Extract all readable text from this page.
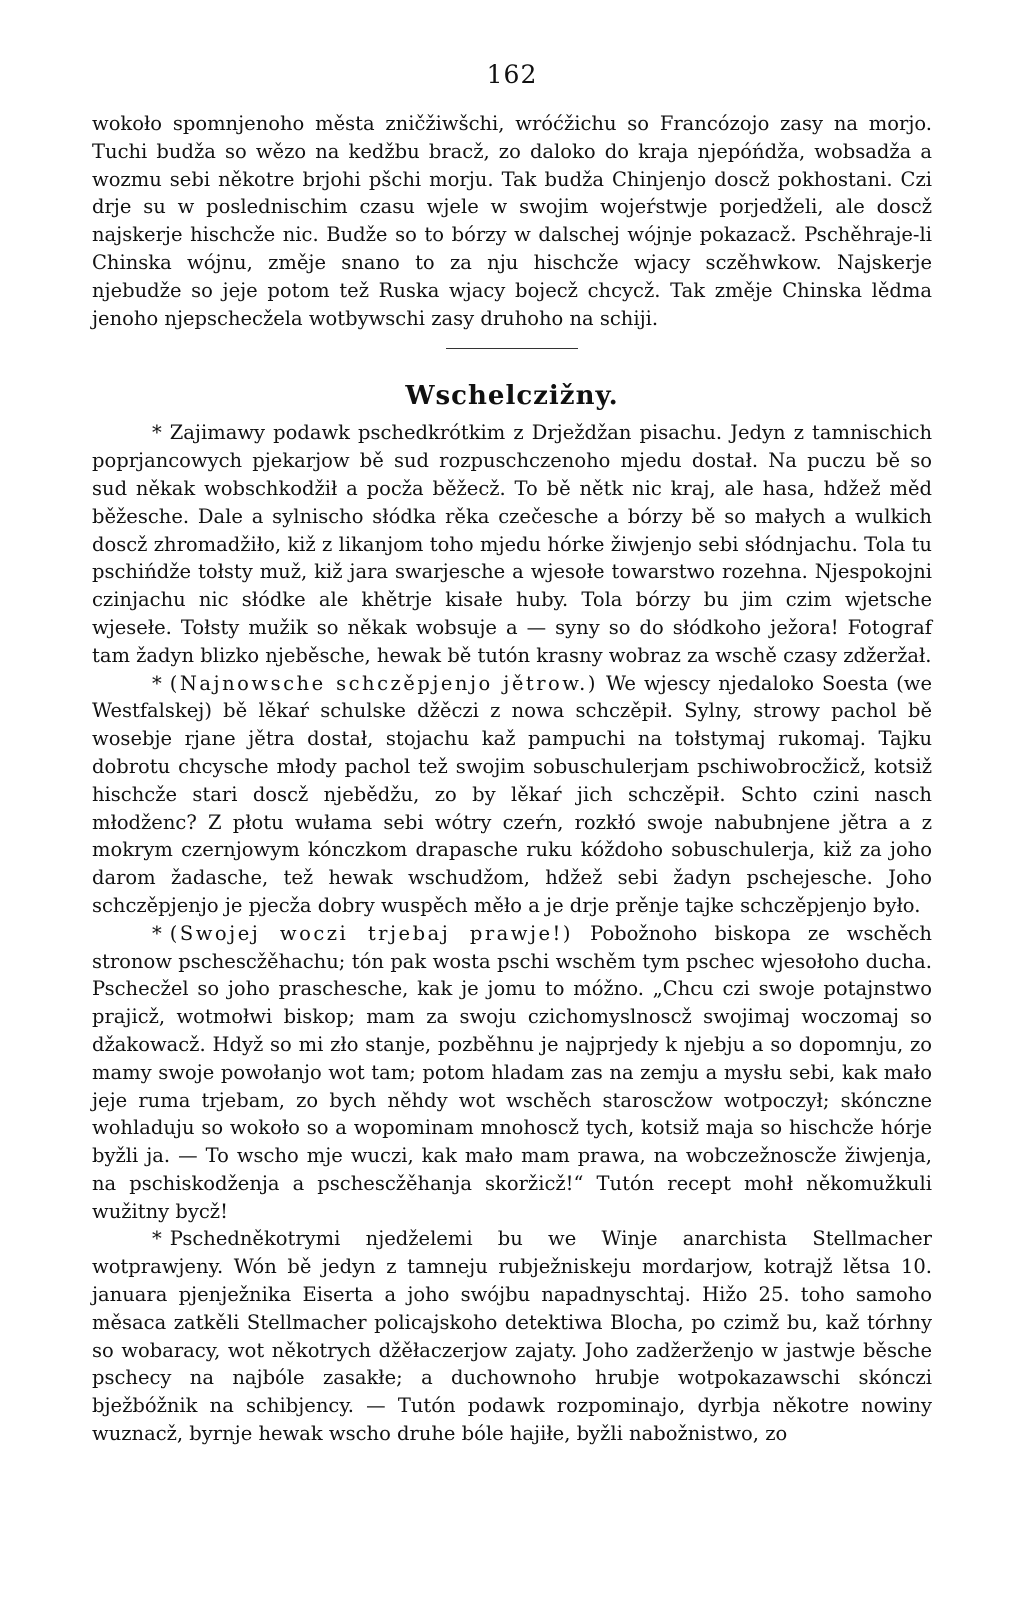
162

wokoło spomnjenoho města zničžiwšchi, wróćžichu so Francózojo zasy na morjo. Tuchi budža so wězo na kedžbu bracž, zo daloko do kraja njepóńdža, wobsadža a wozmu sebi někotre brjohi pšchi morju. Tak budža Chinjenjo doscž pokhostani. Czi drje su w poslednischim czasu wjele w swojim wojeŕstwje porjedželi, ale doscž najskerje hischcže nic. Budže so to bórzy w dalschej wójnje pokazacž. Pschěhraje-li Chinska wójnu, změje snano to za nju hischcže wjacy sczěhwkow. Najskerje njebudže so jeje potom tež Ruska wjacy bojecž chcycž. Tak změje Chinska lědma jenoho njepschecžela wotbywschi zasy druhoho na schiji.

Wschelczižny.

* Zajimawy podawk pschedkrótkim z Drježdžan pisachu. Jedyn z tamnischich poprjancowych pjekarjow bě sud rozpuschczenoho mjedu dostał. Na puczu bě so sud někak wobschkodžił a pocža běžecž. To bě nětk nic kraj, ale hasa, hdžež měd běžesche. Dale a sylnischo słódka rěka czečesche a bórzy bě so małych a wulkich doscž zhromadžiło, kiž z likanjom toho mjedu hórke žiwjenjo sebi słódnjachu. Tola tu pschińdže tołsty muž, kiž jara swarjesche a wjesołe towarstwo rozehna. Njespokojni czinjachu nic słódke ale khětrje kisałe huby. Tola bórzy bu jim czim wjetsche wjesełe. Tołsty mužik so někak wobsuje a — syny so do słódkoho ježora! Fotograf tam žadyn blizko njeběsche, hewak bě tutón krasny wobraz za wschě czasy zdžeržał.

* (Najnowsche schczěpjenjo jětrow.) We wjescy njedaloko Soesta (we Westfalskej) bě lěkaŕ schulske džěczi z nowa schczěpił. Sylny, strowy pachol bě wosebje rjane jětra dostał, stojachu kaž pampuchi na tołstymaj rukomaj. Tajku dobrotu chcysche młody pachol tež swojim sobuschulerjam pschiwobrocžicž, kotsiž hischcže stari doscž njebědžu, zo by lěkaŕ jich schczěpił. Schto czini nasch młodženc? Z płotu wułama sebi wótry czeŕn, rozkłó swoje nabubnjene jětra a z mokrym czernjowym kónczkom drapasche ruku kóždoho sobuschulerja, kiž za joho darom žadasche, tež hewak wschudžom, hdžež sebi žadyn pschejesche. Joho schczěpjenjo je pjecža dobry wuspěch měło a je drje prěnje tajke schczěpjenjo było.

* (Swojej woczi trjebaj prawje!) Pobožnoho biskopa ze wschěch stronow pschescžěhachu; tón pak wosta pschi wschěm tym pschec wjesołoho ducha. Pschecžel so joho praschesche, kak je jomu to móžno. „Chcu czi swoje potajnstwo prajicž, wotmołwi biskop; mam za swoju czichomyslnoscž swojimaj woczomaj so džakowacž. Hdyž so mi zło stanje, pozběhnu je najprjedy k njebju a so dopomnju, zo mamy swoje powołanjo wot tam; potom hladam zas na zemju a mysłu sebi, kak mało jeje ruma trjebam, zo bych něhdy wot wschěch staroscžow wotpoczył; skónczne wohladuju so wokoło so a wopominam mnohoscž tych, kotsiž maja so hischcže hórje byžli ja. — To wscho mje wuczi, kak mało mam prawa, na wobczežnoscže žiwjenja, na pschiskodženja a pschescžěhanja skoržicž!“ Tutón recept mohł někomužkuli wužitny bycž!

* Pschedněkotrymi njedželemi bu we Winje anarchista Stellmacher wotprawjeny. Wón bě jedyn z tamneju rubježniskeju mordarjow, kotrajž lětsa 10. januara pjenježnika Eiserta a joho swójbu napadnyschtaj. Hižo 25. toho samoho měsaca zatkěli Stellmacher policajskoho detektiwa Blocha, po czimž bu, kaž tórhny so wobaracy, wot někotrych džěłaczerjow zajaty. Joho zadžerženjo w jastwje běsche pschecy na najbóle zasakłe; a duchownoho hrubje wotpokazawschi skónczi bježbóžnik na schibjency. — Tutón podawk rozpominajo, dyrbja někotre nowiny wuznacž, byrnje hewak wscho druhe bóle hajiłe, byžli nabožnistwo, zo
